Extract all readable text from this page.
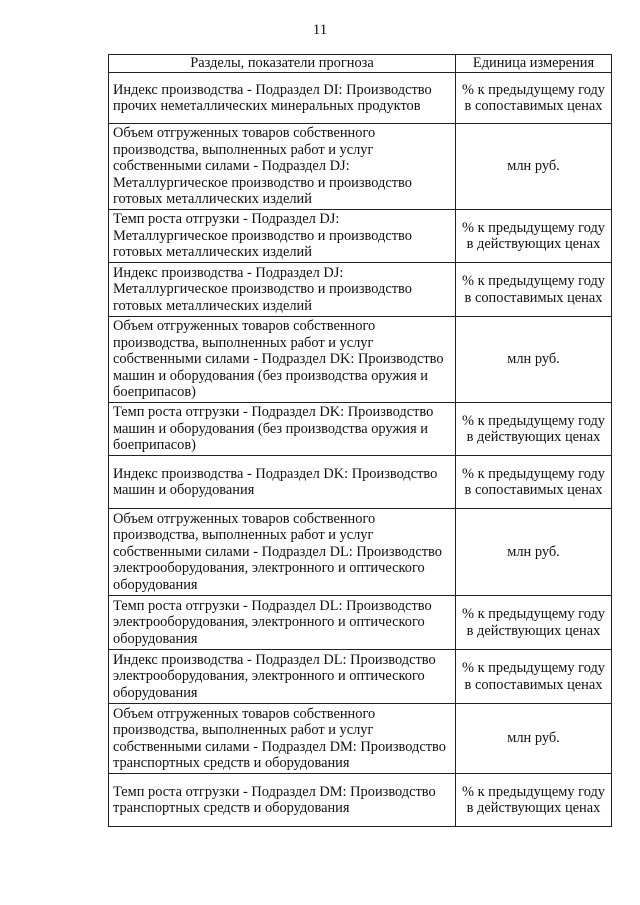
11
Разделы, показатели прогноза	Единица измерения
Индекс производства - Подраздел DI: Производство прочих неметаллических минеральных продуктов	% к предыдущему году в сопоставимых ценах
Объем отгруженных товаров собственного производства, выполненных работ и услуг собственными силами - Подраздел DJ: Металлургическое производство и производство готовых металлических изделий	млн руб.
Темп роста отгрузки - Подраздел DJ: Металлургическое производство и производство готовых металлических изделий	% к предыдущему году в действующих ценах
Индекс производства - Подраздел DJ: Металлургическое производство и производство готовых металлических изделий	% к предыдущему году в сопоставимых ценах
Объем отгруженных товаров собственного производства, выполненных работ и услуг собственными силами - Подраздел DK: Производство машин и оборудования (без производства оружия и боеприпасов)	млн руб.
Темп роста отгрузки - Подраздел DK: Производство машин и оборудования (без производства оружия и боеприпасов)	% к предыдущему году в действующих ценах
Индекс производства - Подраздел DK: Производство машин и оборудования	% к предыдущему году в сопоставимых ценах
Объем отгруженных товаров собственного производства, выполненных работ и услуг собственными силами - Подраздел DL: Производство электрооборудования, электронного и оптического оборудования	млн руб.
Темп роста отгрузки - Подраздел DL: Производство электрооборудования, электронного и оптического оборудования	% к предыдущему году в действующих ценах
Индекс производства - Подраздел DL: Производство электрооборудования, электронного и оптического оборудования	% к предыдущему году в сопоставимых ценах
Объем отгруженных товаров собственного производства, выполненных работ и услуг собственными силами - Подраздел DM: Производство транспортных средств и оборудования	млн руб.
Темп роста отгрузки - Подраздел DM: Производство транспортных средств и оборудования	% к предыдущему году в действующих ценах
